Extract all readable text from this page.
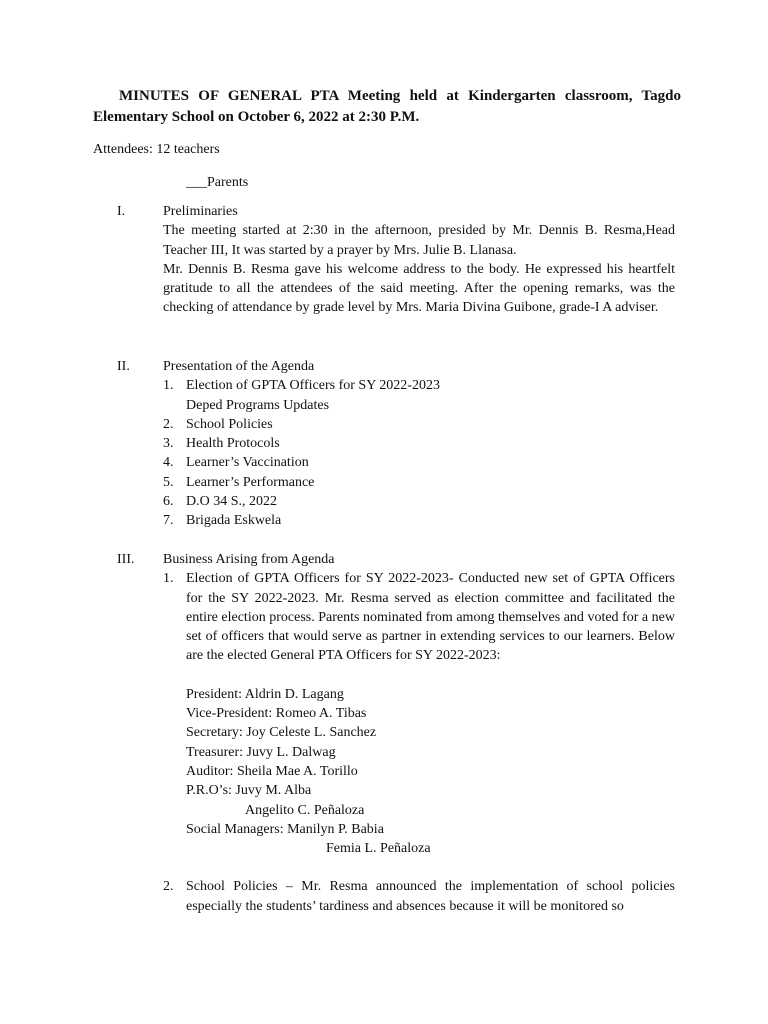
MINUTES OF GENERAL PTA Meeting held at Kindergarten classroom, Tagdo Elementary School on October 6, 2022 at 2:30 P.M.
Attendees: 12 teachers
___Parents
I.	Preliminaries

The meeting started at 2:30 in the afternoon, presided by Mr. Dennis B. Resma,Head Teacher III, It was started by a prayer by Mrs. Julie B. Llanasa.

Mr. Dennis B. Resma gave his welcome address to the body. He expressed his heartfelt gratitude to all the attendees of the said meeting. After the opening remarks, was the checking of attendance by grade level by Mrs. Maria Divina Guibone, grade-I A adviser.

II. Presentation of the Agenda
1. Election of GPTA Officers for SY 2022-2023
Deped Programs Updates
2. School Policies
3. Health Protocols
4. Learner’s Vaccination
5. Learner’s Performance
6. D.O 34 S., 2022
7. Brigada Eskwela
III. Business Arising from Agenda
1. Election of GPTA Officers for SY 2022-2023- Conducted new set of GPTA Officers for the SY 2022-2023. Mr. Resma served as election committee and facilitated the entire election process. Parents nominated from among themselves and voted for a new set of officers that would serve as partner in extending services to our learners. Below are the elected General PTA Officers for SY 2022-2023:

President: Aldrin D. Lagang
Vice-President: Romeo A. Tibas
Secretary: Joy Celeste L. Sanchez
Treasurer: Juvy L. Dalwag
Auditor: Sheila Mae A. Torillo
P.R.O’s: Juvy M. Alba
Angelito C. Peñaloza
Social Managers: Manilyn P. Babia
Femia L. Peñaloza
2. School Policies – Mr. Resma announced the implementation of school policies especially the students’ tardiness and absences because it will be monitored so
